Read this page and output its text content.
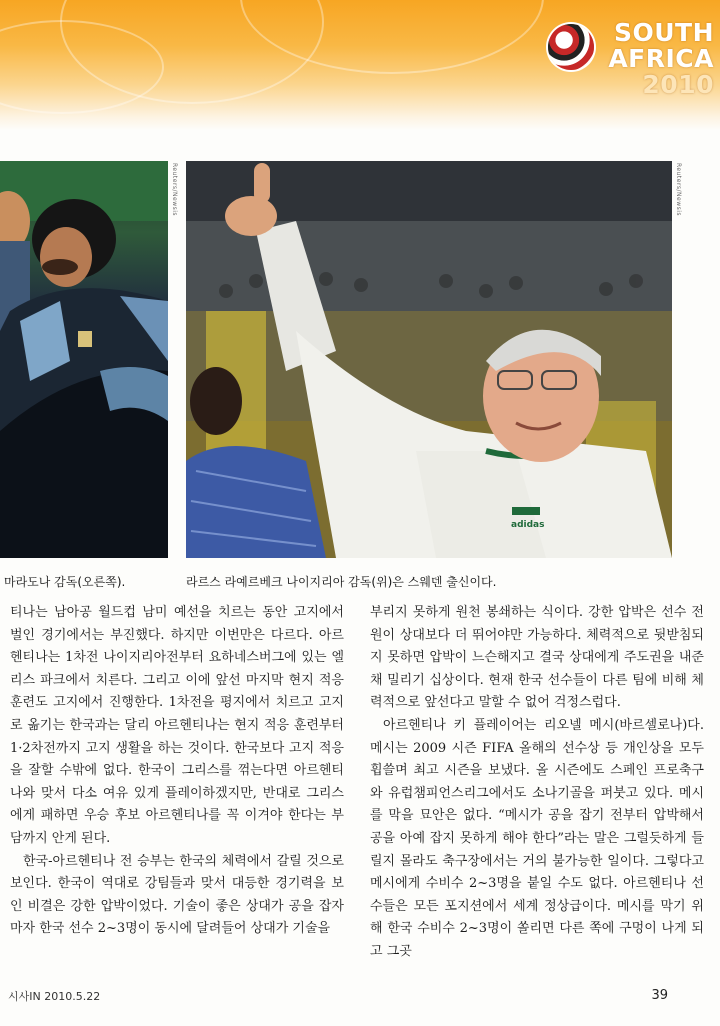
SOUTH
AFRICA
2010
Reuters/Newsis
adidas
Reuters/Newsis
마라도나 감독(오른쪽).	라르스 라예르베크 나이지리아 감독(위)은 스웨덴 출신이다.

티나는 남아공 월드컵 남미 예선을 치르는 동안 고지에서 벌인 경기에서는 부진했다. 하지만 이번만은 다르다. 아르헨티나는 1차전 나이지리아전부터 요하네스버그에 있는 엘리스 파크에서 치른다. 그리고 이에 앞선 마지막 현지 적응 훈련도 고지에서 진행한다. 1차전을 평지에서 치르고 고지로 옮기는 한국과는 달리 아르헨티나는 현지 적응 훈련부터 1·2차전까지 고지 생활을 하는 것이다. 한국보다 고지 적응을 잘할 수밖에 없다. 한국이 그리스를 꺾는다면 아르헨티나와 맞서 다소 여유 있게 플레이하겠지만, 반대로 그리스에게 패하면 우승 후보 아르헨티나를 꼭 이겨야 한다는 부담까지 안게 된다.

한국-아르헨티나 전 승부는 한국의 체력에서 갈릴 것으로 보인다. 한국이 역대로 강팀들과 맞서 대등한 경기력을 보인 비결은 강한 압박이었다. 기술이 좋은 상대가 공을 잡자마자 한국 선수 2~3명이 동시에 달려들어 상대가 기술을

부리지 못하게 원천 봉쇄하는 식이다. 강한 압박은 선수 전원이 상대보다 더 뛰어야만 가능하다. 체력적으로 뒷받침되지 못하면 압박이 느슨해지고 결국 상대에게 주도권을 내준 채 밀리기 십상이다. 현재 한국 선수들이 다른 팀에 비해 체력적으로 앞선다고 말할 수 없어 걱정스럽다.

아르헨티나 키 플레이어는 리오넬 메시(바르셀로나)다. 메시는 2009 시즌 FIFA 올해의 선수상 등 개인상을 모두 휩쓸며 최고 시즌을 보냈다. 올 시즌에도 스페인 프로축구와 유럽챔피언스리그에서도 소나기골을 퍼붓고 있다. 메시를 막을 묘안은 없다. “메시가 공을 잡기 전부터 압박해서 공을 아예 잡지 못하게 해야 한다”라는 말은 그럴듯하게 들릴지 몰라도 축구장에서는 거의 불가능한 일이다. 그렇다고 메시에게 수비수 2~3명을 붙일 수도 없다. 아르헨티나 선수들은 모든 포지션에서 세계 정상급이다. 메시를 막기 위해 한국 수비수 2~3명이 쏠리면 다른 쪽에 구멍이 나게 되고 그곳

시사IN 2010.5.22	39
